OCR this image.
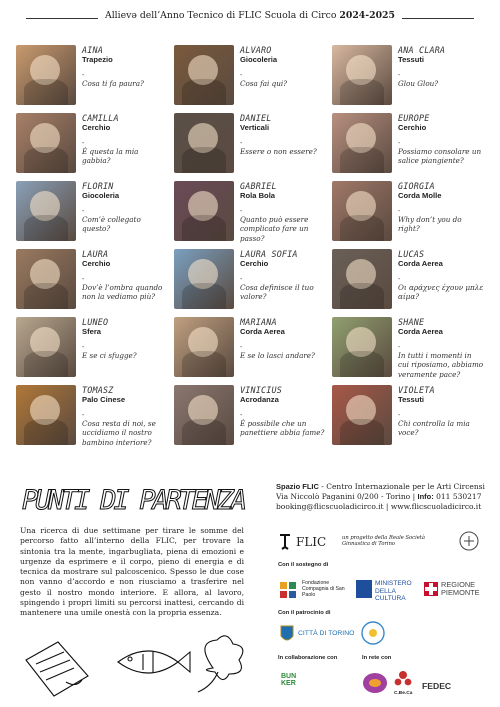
Allievə dell’Anno Tecnico di FLIC Scuola di Circo 2024-2025
AINA
Trapezio
-
Cosa ti fa paura?
ALVARO
Giocoleria
-
Cosa fai qui?
ANA CLARA
Tessuti
-
Glou Glou?
CAMILLA
Cerchio
-
È questa la mia gabbia?
DANIEL
Verticali
-
Essere o non essere?
EUROPE
Cerchio
-
Possiamo consolare un salice piangiente?
FLORIN
Giocoleria
-
Com’è collegato questo?
GABRIEL
Rola Bola
-
Quanto può essere complicato fare un passo?
GIORGIA
Corda Molle
-
Why don’t you do right?
LAURA
Cerchio
-
Dov’è l’ombra quando non la vediamo più?
LAURA SOFIA
Cerchio
-
Cosa definisce il tuo valore?
LUCAS
Corda Aerea
-
Οι αράχνες έχουν μπλε αίμα?
LUNEO
Sfera
-
E se ci sfugge?
MARIANA
Corda Aerea
-
E se lo lasci andare?
SHANE
Corda Aerea
-
In tutti i momenti in cui riposiamo, abbiamo veramente pace?
TOMASZ
Palo Cinese
-
Cosa resta di noi, se uccidiamo il nostro bambino interiore?
VINICIUS
Acrodanza
-
È possibile che un panettiere abbia fame?
VIOLETA
Tessuti
-
Chi controlla la mia voce?
PUNTI DI PARTENZA
Una ricerca di due settimane per tirare le somme del percorso fatto all’interno della FLIC, per trovare la sintonia tra la mente, ingarbugliata, piena di emozioni e urgenze da esprimere e il corpo, pieno di energia e di tecnica da mostrare sul palcoscenico. Spesso le due cose non vanno d’accordo e non riusciamo a trasferire nel gesto il nostro mondo interiore. E allora, al lavoro, spingendo i propri limiti su percorsi inattesi, cercando di mantenere una umile onestà con la propria essenza.
Spazio FLIC - Centro Internazionale per le Arti Circensi
Via Niccolò Paganini 0/200 - Torino | Info: 011 530217
booking@flicscuoladicirco.it | www.flicscuoladicirco.it
FLIC	un progetto della Reale Società Ginnastica di Torino
Con il sostegno di
Fondazione Compagnia di San Paolo
MINISTERO DELLA CULTURA
REGIONE PIEMONTE
Con il patrocinio di
CITTÀ DI TORINO
In collaborazione con	In rete con
BUN KER
C.Be.Ca
FEDEC
